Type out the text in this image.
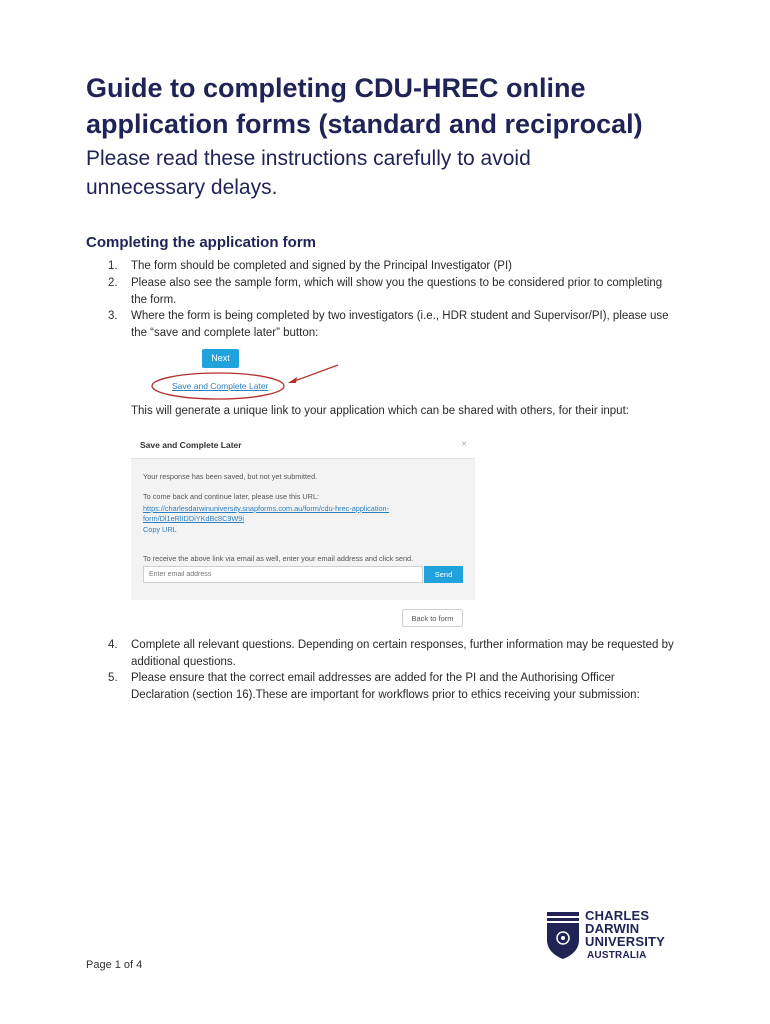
Guide to completing CDU-HREC online
application forms (standard and reciprocal)
Please read these instructions carefully to avoid
unnecessary delays.
Completing the application form
1. The form should be completed and signed by the Principal Investigator (PI)
2. Please also see the sample form, which will show you the questions to be considered prior to completing the form.
3. Where the form is being completed by two investigators (i.e., HDR student and Supervisor/PI), please use the “save and complete later” button:
Next
Save and Complete Later
This will generate a unique link to your application which can be shared with others, for their input:
Save and Complete Later	×
Your response has been saved, but not yet submitted.
To come back and continue later, please use this URL:
https://charlesdarwinuniversity.snapforms.com.au/form/cdu-hrec-application-
form/Dl1eRlIDDiYKdBc8C9W9i
Copy URL
To receive the above link via email as well, enter your email address and click send.
Enter email address
Send
Back to form
4. Complete all relevant questions. Depending on certain responses, further information may be requested by additional questions.
5. Please ensure that the correct email addresses are added for the PI and the Authorising Officer Declaration (section 16).These are important for workflows prior to ethics receiving your submission:
Page 1 of 4
CHARLES
DARWIN
UNIVERSITY
AUSTRALIA
